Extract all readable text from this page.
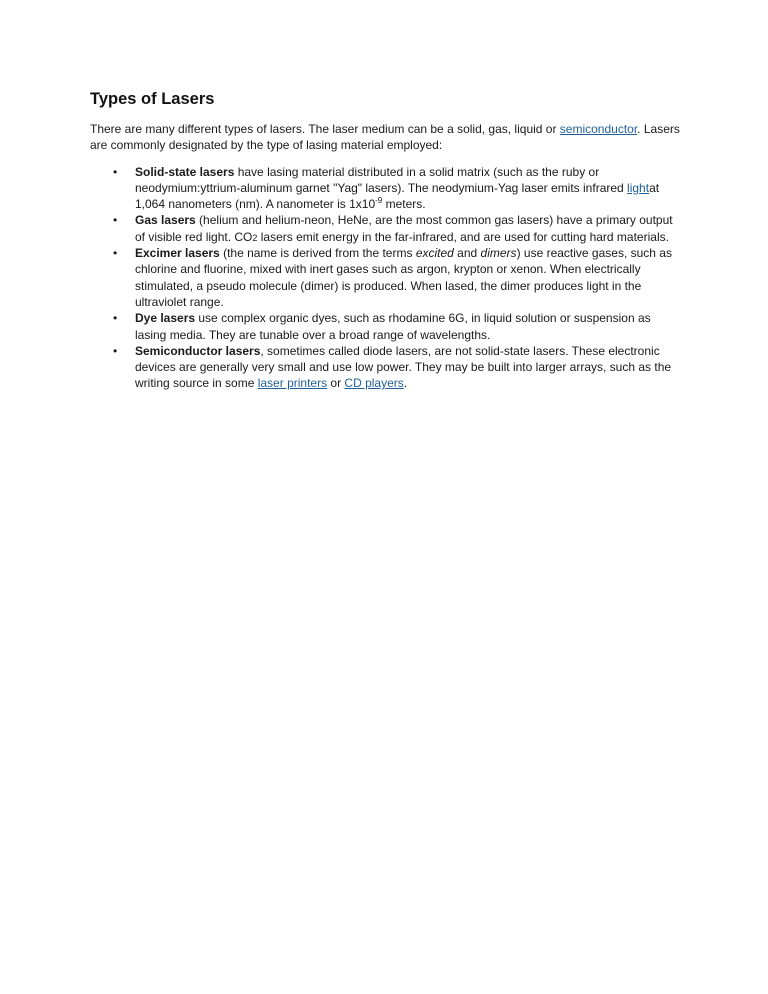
Types of Lasers

There are many different types of lasers. The laser medium can be a solid, gas, liquid or semiconductor. Lasers are commonly designated by the type of lasing material employed:

• Solid-state lasers have lasing material distributed in a solid matrix (such as the ruby or neodymium:yttrium-aluminum garnet "Yag" lasers). The neodymium-Yag laser emits infrared lightat 1,064 nanometers (nm). A nanometer is $1x10^{-9}$ meters.
• Gas lasers (helium and helium-neon, HeNe, are the most common gas lasers) have a primary output of visible red light. CO2 lasers emit energy in the far-infrared, and are used for cutting hard materials.
• Excimer lasers (the name is derived from the terms excited and dimers) use reactive gases, such as chlorine and fluorine, mixed with inert gases such as argon, krypton or xenon. When electrically stimulated, a pseudo molecule (dimer) is produced. When lased, the dimer produces light in the ultraviolet range.
• Dye lasers use complex organic dyes, such as rhodamine 6G, in liquid solution or suspension as lasing media. They are tunable over a broad range of wavelengths.
• Semiconductor lasers, sometimes called diode lasers, are not solid-state lasers. These electronic devices are generally very small and use low power. They may be built into larger arrays, such as the writing source in some laser printers or CD players.
